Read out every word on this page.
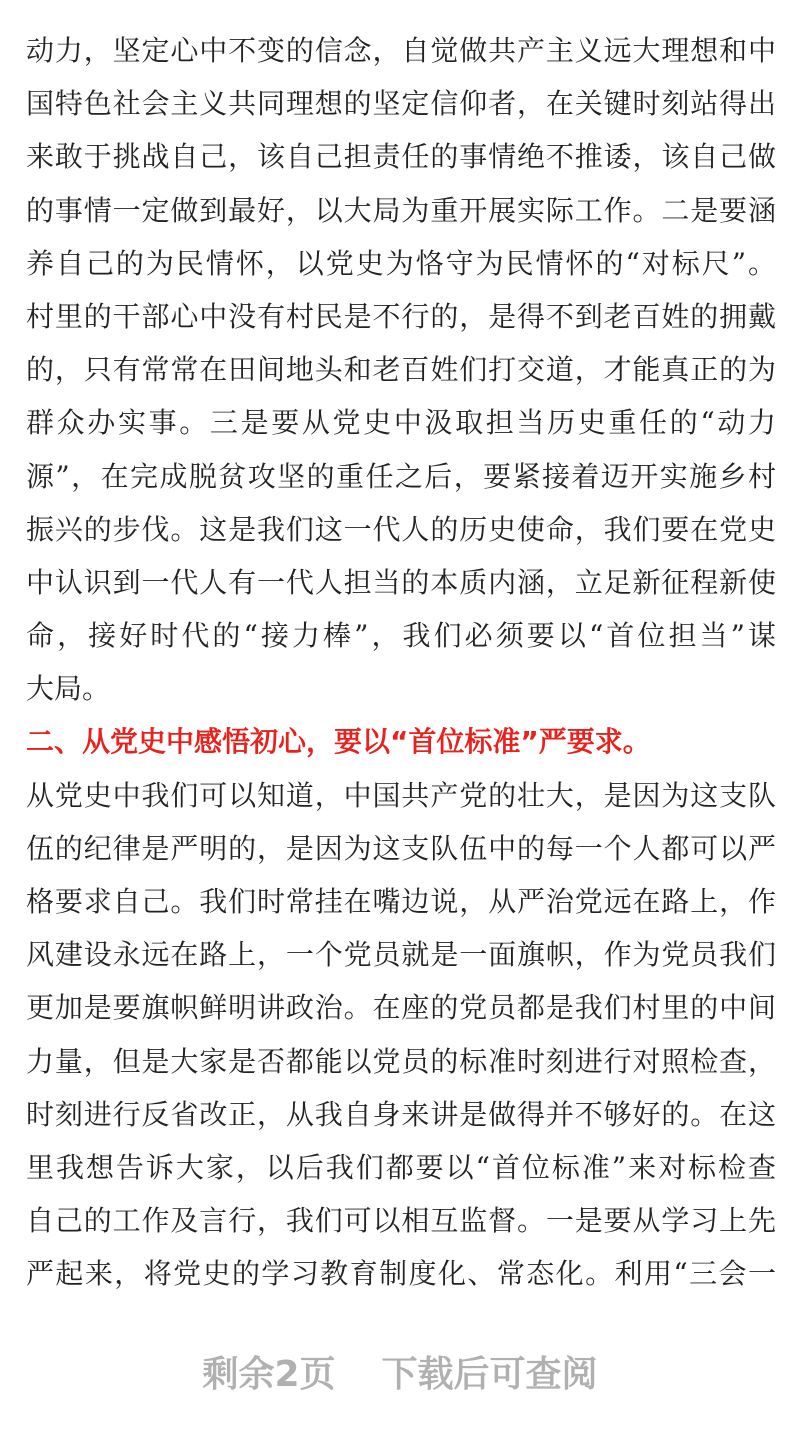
动力，坚定心中不变的信念，自觉做共产主义远大理想和中
国特色社会主义共同理想的坚定信仰者，在关键时刻站得出
来敢于挑战自己，该自己担责任的事情绝不推诿，该自己做
的事情一定做到最好，以大局为重开展实际工作。二是要涵
养自己的为民情怀，以党史为恪守为民情怀的“对标尺”。
村里的干部心中没有村民是不行的，是得不到老百姓的拥戴
的，只有常常在田间地头和老百姓们打交道，才能真正的为
群众办实事。三是要从党史中汲取担当历史重任的“动力
源”，在完成脱贫攻坚的重任之后，要紧接着迈开实施乡村
振兴的步伐。这是我们这一代人的历史使命，我们要在党史
中认识到一代人有一代人担当的本质内涵，立足新征程新使
命，接好时代的“接力棒”，我们必须要以“首位担当”谋
大局。
二、从党史中感悟初心，要以“首位标准”严要求。
从党史中我们可以知道，中国共产党的壮大，是因为这支队
伍的纪律是严明的，是因为这支队伍中的每一个人都可以严
格要求自己。我们时常挂在嘴边说，从严治党远在路上，作
风建设永远在路上，一个党员就是一面旗帜，作为党员我们
更加是要旗帜鲜明讲政治。在座的党员都是我们村里的中间
力量，但是大家是否都能以党员的标准时刻进行对照检查，
时刻进行反省改正，从我自身来讲是做得并不够好的。在这
里我想告诉大家，以后我们都要以“首位标准”来对标检查
自己的工作及言行，我们可以相互监督。一是要从学习上先
严起来，将党史的学习教育制度化、常态化。利用“三会一
剩余2页 下载后可查阅
